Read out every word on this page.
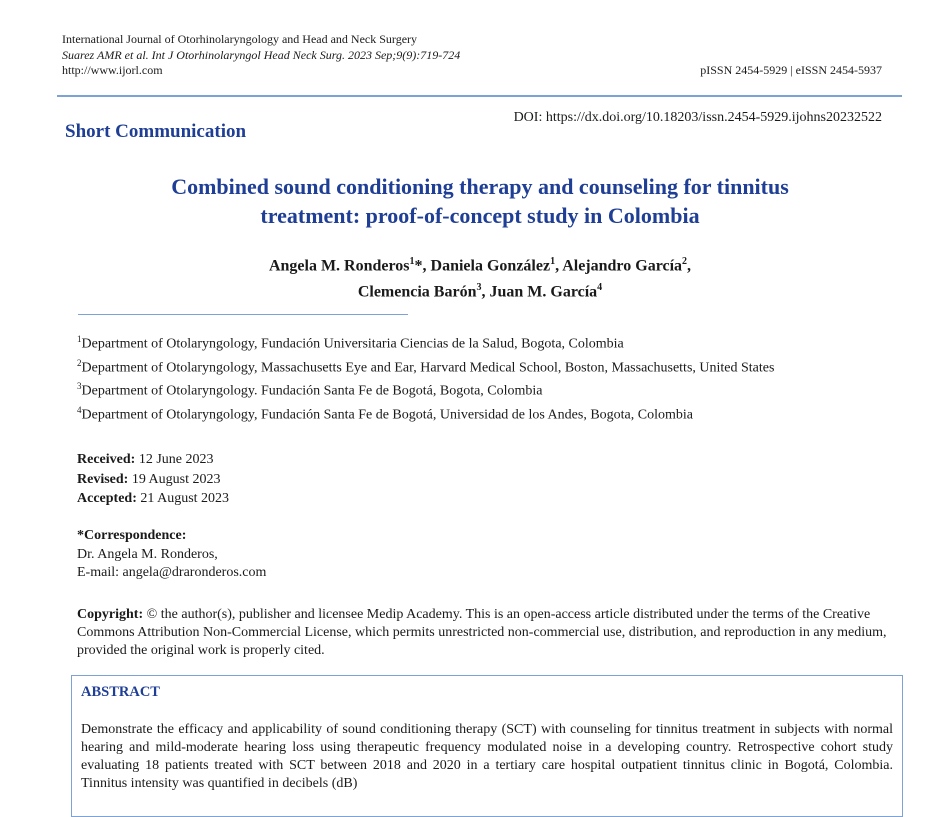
International Journal of Otorhinolaryngology and Head and Neck Surgery
Suarez AMR et al. Int J Otorhinolaryngol Head Neck Surg. 2023 Sep;9(9):719-724
http://www.ijorl.com	pISSN 2454-5929 | eISSN 2454-5937
Short Communication
DOI: https://dx.doi.org/10.18203/issn.2454-5929.ijohns20232522
Combined sound conditioning therapy and counseling for tinnitus
treatment: proof-of-concept study in Colombia
Angela M. Ronderos$^1$*, Daniela González$^1$, Alejandro García$^2$,
Clemencia Barón$^3$, Juan M. García$^4$
$^1$Department of Otolaryngology, Fundación Universitaria Ciencias de la Salud, Bogota, Colombia
$^2$Department of Otolaryngology, Massachusetts Eye and Ear, Harvard Medical School, Boston, Massachusetts, United States
$^3$Department of Otolaryngology. Fundación Santa Fe de Bogotá, Bogota, Colombia
$^4$Department of Otolaryngology, Fundación Santa Fe de Bogotá, Universidad de los Andes, Bogota, Colombia
Received: 12 June 2023
Revised: 19 August 2023
Accepted: 21 August 2023
*Correspondence:
Dr. Angela M. Ronderos,
E-mail: angela@draronderos.com
Copyright: © the author(s), publisher and licensee Medip Academy. This is an open-access article distributed under the terms of the Creative Commons Attribution Non-Commercial License, which permits unrestricted non-commercial use, distribution, and reproduction in any medium, provided the original work is properly cited.
ABSTRACT
Demonstrate the efficacy and applicability of sound conditioning therapy (SCT) with counseling for tinnitus treatment in subjects with normal hearing and mild-moderate hearing loss using therapeutic frequency modulated noise in a developing country. Retrospective cohort study evaluating 18 patients treated with SCT between 2018 and 2020 in a tertiary care hospital outpatient tinnitus clinic in Bogotá, Colombia. Tinnitus intensity was quantified in decibels (dB)
